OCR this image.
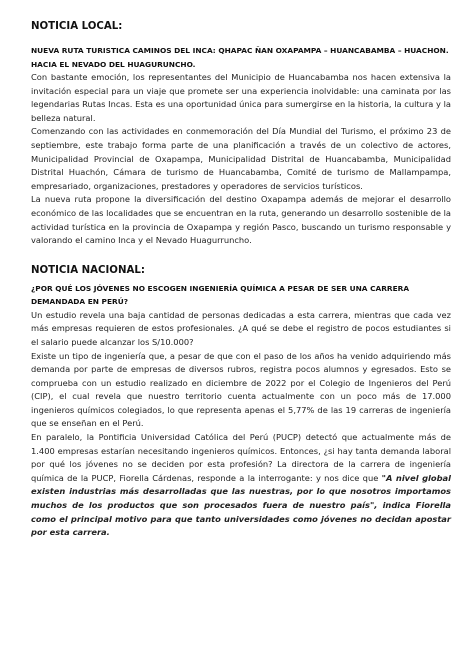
NOTICIA LOCAL:

NUEVA RUTA TURISTICA CAMINOS DEL INCA: QHAPAC ÑAN OXAPAMPA – HUANCABAMBA – HUACHON. HACIA EL NEVADO DEL HUAGURUNCHO.

Con bastante emoción, los representantes del Municipio de Huancabamba nos hacen extensiva la invitación especial para un viaje que promete ser una experiencia inolvidable: una caminata por las legendarias Rutas Incas. Esta es una oportunidad única para sumergirse en la historia, la cultura y la belleza natural.

Comenzando con las actividades en conmemoración del Día Mundial del Turismo, el próximo 23 de septiembre, este trabajo forma parte de una planificación a través de un colectivo de actores, Municipalidad Provincial de Oxapampa, Municipalidad Distrital de Huancabamba, Municipalidad Distrital Huachón, Cámara de turismo de Huancabamba, Comité de turismo de Mallampampa, empresariado, organizaciones, prestadores y operadores de servicios turísticos.

La nueva ruta propone la diversificación del destino Oxapampa además de mejorar el desarrollo económico de las localidades que se encuentran en la ruta, generando un desarrollo sostenible de la actividad turística en la provincia de Oxapampa y región Pasco, buscando un turismo responsable y valorando el camino Inca y el Nevado Huagurruncho.

NOTICIA NACIONAL:

¿POR QUÉ LOS JÓVENES NO ESCOGEN INGENIERÍA QUÍMICA A PESAR DE SER UNA CARRERA DEMANDADA EN PERÚ?

Un estudio revela una baja cantidad de personas dedicadas a esta carrera, mientras que cada vez más empresas requieren de estos profesionales. ¿A qué se debe el registro de pocos estudiantes si el salario puede alcanzar los S/10.000?

Existe un tipo de ingeniería que, a pesar de que con el paso de los años ha venido adquiriendo más demanda por parte de empresas de diversos rubros, registra pocos alumnos y egresados. Esto se comprueba con un estudio realizado en diciembre de 2022 por el Colegio de Ingenieros del Perú (CIP), el cual revela que nuestro territorio cuenta actualmente con un poco más de 17.000 ingenieros químicos colegiados, lo que representa apenas el 5,77% de las 19 carreras de ingeniería que se enseñan en el Perú.

En paralelo, la Pontificia Universidad Católica del Perú (PUCP) detectó que actualmente más de 1.400 empresas estarían necesitando ingenieros químicos. Entonces, ¿si hay tanta demanda laboral por qué los jóvenes no se deciden por esta profesión? La directora de la carrera de ingeniería química de la PUCP, Fiorella Cárdenas, responde a la interrogante: y nos dice que "A nivel global existen industrias más desarrolladas que las nuestras, por lo que nosotros importamos muchos de los productos que son procesados fuera de nuestro país", indica Fiorella como el principal motivo para que tanto universidades como jóvenes no decidan apostar por esta carrera.
